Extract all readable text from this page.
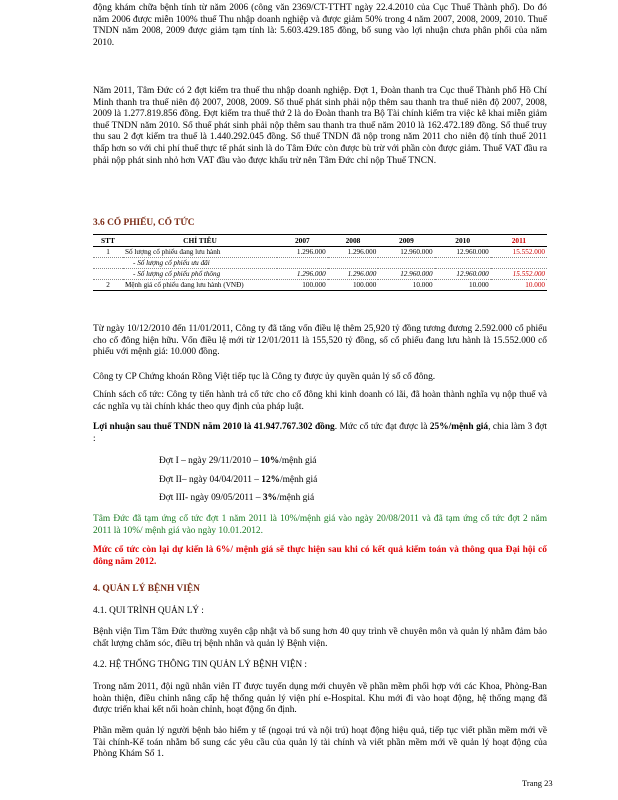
động khám chữa bệnh tính từ năm 2006 (công văn 2369/CT-TTHT ngày 22.4.2010 của Cục Thuế Thành phố). Do đó năm 2006 được miễn 100% thuế Thu nhập doanh nghiệp và được giảm 50% trong 4 năm 2007, 2008, 2009, 2010. Thuế TNDN năm 2008, 2009 được giảm tạm tính là: 5.603.429.185 đồng, bổ sung vào lợi nhuận chưa phân phối của năm 2010.

Năm 2011, Tâm Đức có 2 đợt kiểm tra thuế thu nhập doanh nghiệp. Đợt 1, Đoàn thanh tra Cục thuế Thành phố Hồ Chí Minh thanh tra thuế niên độ 2007, 2008, 2009. Số thuế phát sinh phải nộp thêm sau thanh tra thuế niên độ 2007, 2008, 2009 là 1.277.819.856 đồng. Đợt kiểm tra thuế thứ 2 là do Đoàn thanh tra Bộ Tài chính kiểm tra việc kê khai miễn giảm thuế TNDN năm 2010. Số thuế phát sinh phải nộp thêm sau thanh tra thuế năm 2010 là 162.472.189 đồng. Số thuế truy thu sau 2 đợt kiểm tra thuế là 1.440.292.045 đồng. Số thuế TNDN đã nộp trong năm 2011 cho niên độ tính thuế 2011 thấp hơn so với chi phí thuế thực tế phát sinh là do Tâm Đức còn được bù trừ với phần còn được giảm. Thuế VAT đầu ra phải nộp phát sinh nhỏ hơn VAT đầu vào được khấu trừ nên Tâm Đức chỉ nộp Thuế TNCN.

3.6 CỔ PHIẾU, CỔ TỨC
STT	CHỈ TIÊU	2007	2008	2009	2010	2011
1	Số lượng cổ phiếu đang lưu hành	1.296.000	1.296.000	12.960.000	12.960.000	15.552.000
	- Số lượng cổ phiếu ưu đãi					
	- Số lượng cổ phiếu phổ thông	1.296.000	1.296.000	12.960.000	12.960.000	15.552.000
2	Mệnh giá cổ phiếu đang lưu hành (VNĐ)	100.000	100.000	10.000	10.000	10.000

Từ ngày 10/12/2010 đến 11/01/2011, Công ty đã tăng vốn điều lệ thêm 25,920 tỷ đồng tương đương 2.592.000 cổ phiếu cho cổ đông hiện hữu. Vốn điều lệ mới từ 12/01/2011 là 155,520 tỷ đồng, số cổ phiếu đang lưu hành là 15.552.000 cổ phiếu với mệnh giá: 10.000 đồng.

Công ty CP Chứng khoán Rồng Việt tiếp tục là Công ty được ủy quyền quản lý sổ cổ đông.

Chính sách cổ tức: Công ty tiến hành trả cổ tức cho cổ đông khi kinh doanh có lãi, đã hoàn thành nghĩa vụ nộp thuế và các nghĩa vụ tài chính khác theo quy định của pháp luật.

Lợi nhuận sau thuế TNDN năm 2010 là 41.947.767.302 đồng. Mức cổ tức đạt được là 25%/mệnh giá, chia làm 3 đợt :

Đợt I – ngày 29/11/2010 – 10%/mệnh giá

Đợt II– ngày 04/04/2011 – 12%/mệnh giá

Đợt III- ngày 09/05/2011 – 3%/mệnh giá

Tâm Đức đã tạm ứng cổ tức đợt 1 năm 2011 là 10%/mệnh giá vào ngày 20/08/2011 và đã tạm ứng cổ tức đợt 2 năm 2011 là 10%/ mệnh giá vào ngày 10.01.2012.

Mức cổ tức còn lại dự kiến là 6%/ mệnh giá sẽ thực hiện sau khi có kết quả kiểm toán và thông qua Đại hội cổ đông năm 2012.

4. QUẢN LÝ BỆNH VIỆN
4.1. QUI TRÌNH QUẢN LÝ :

Bệnh viện Tim Tâm Đức thường xuyên cập nhật và bổ sung hơn 40 quy trình về chuyên môn và quản lý nhằm đảm bảo chất lượng chăm sóc, điều trị bệnh nhân và quản lý Bệnh viện.

4.2. HỆ THỐNG THÔNG TIN QUẢN LÝ BỆNH VIỆN :

Trong năm 2011, đội ngũ nhân viên IT được tuyển dụng mới chuyên về phần mềm phối hợp với các Khoa, Phòng-Ban hoàn thiện, điều chỉnh nâng cấp hệ thống quản lý viện phí e-Hospital. Khu mới đi vào hoạt động, hệ thống mạng đã được triển khai kết nối hoàn chỉnh, hoạt động ổn định.

Phần mềm quản lý người bệnh bảo hiểm y tế (ngoại trú và nội trú) hoạt động hiệu quả, tiếp tục viết phần mềm mới về Tài chính-Kế toán nhằm bổ sung các yêu cầu của quản lý tài chính và viết phần mềm mới về quản lý hoạt động của Phòng Khám Số 1.

Trang 23
